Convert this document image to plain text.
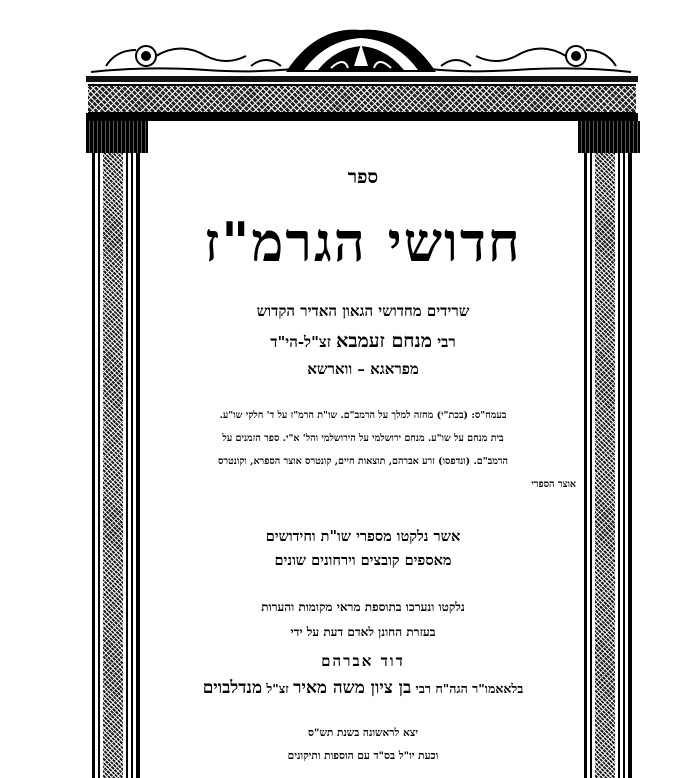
ספר
חדושי הגרמ"ז
שרידים מחדושי הגאון האדיר הקדוש
רבי מנחם זעמבא זצ"ל-הי"ד
מפראגא – ווארשא
בעמח"ס: (בכת"י) מחזה למלך על הרמב"ם. שו"ת הרמ"ז על ד' חלקי שו"ע.
בית מנחם על שו"ע. מנחם ירושלמי על הירושלמי והל' א"י. ספר הזמנים על
הרמב"ם. (ונדפסו) זרע אברהם, תוצאות חיים, קונטרס אוצר הספרא, וקונטרס
אוצר הספרי
אשר נלקטו מספרי שו"ת וחידושים
מאספים קובצים וירחונים שונים
נלקטו ונערכו בתוספת מראי מקומות והערות
בעזרת החונן לאדם דעת על ידי
דוד אברהם
בלאאמו"ר הגה"ח רבי בן ציון משה מאיר זצ"ל מנדלבוים
יצא לראשונה בשנת תש"ס
וכעת יו"ל בס"ד עם הוספות ותיקונים
